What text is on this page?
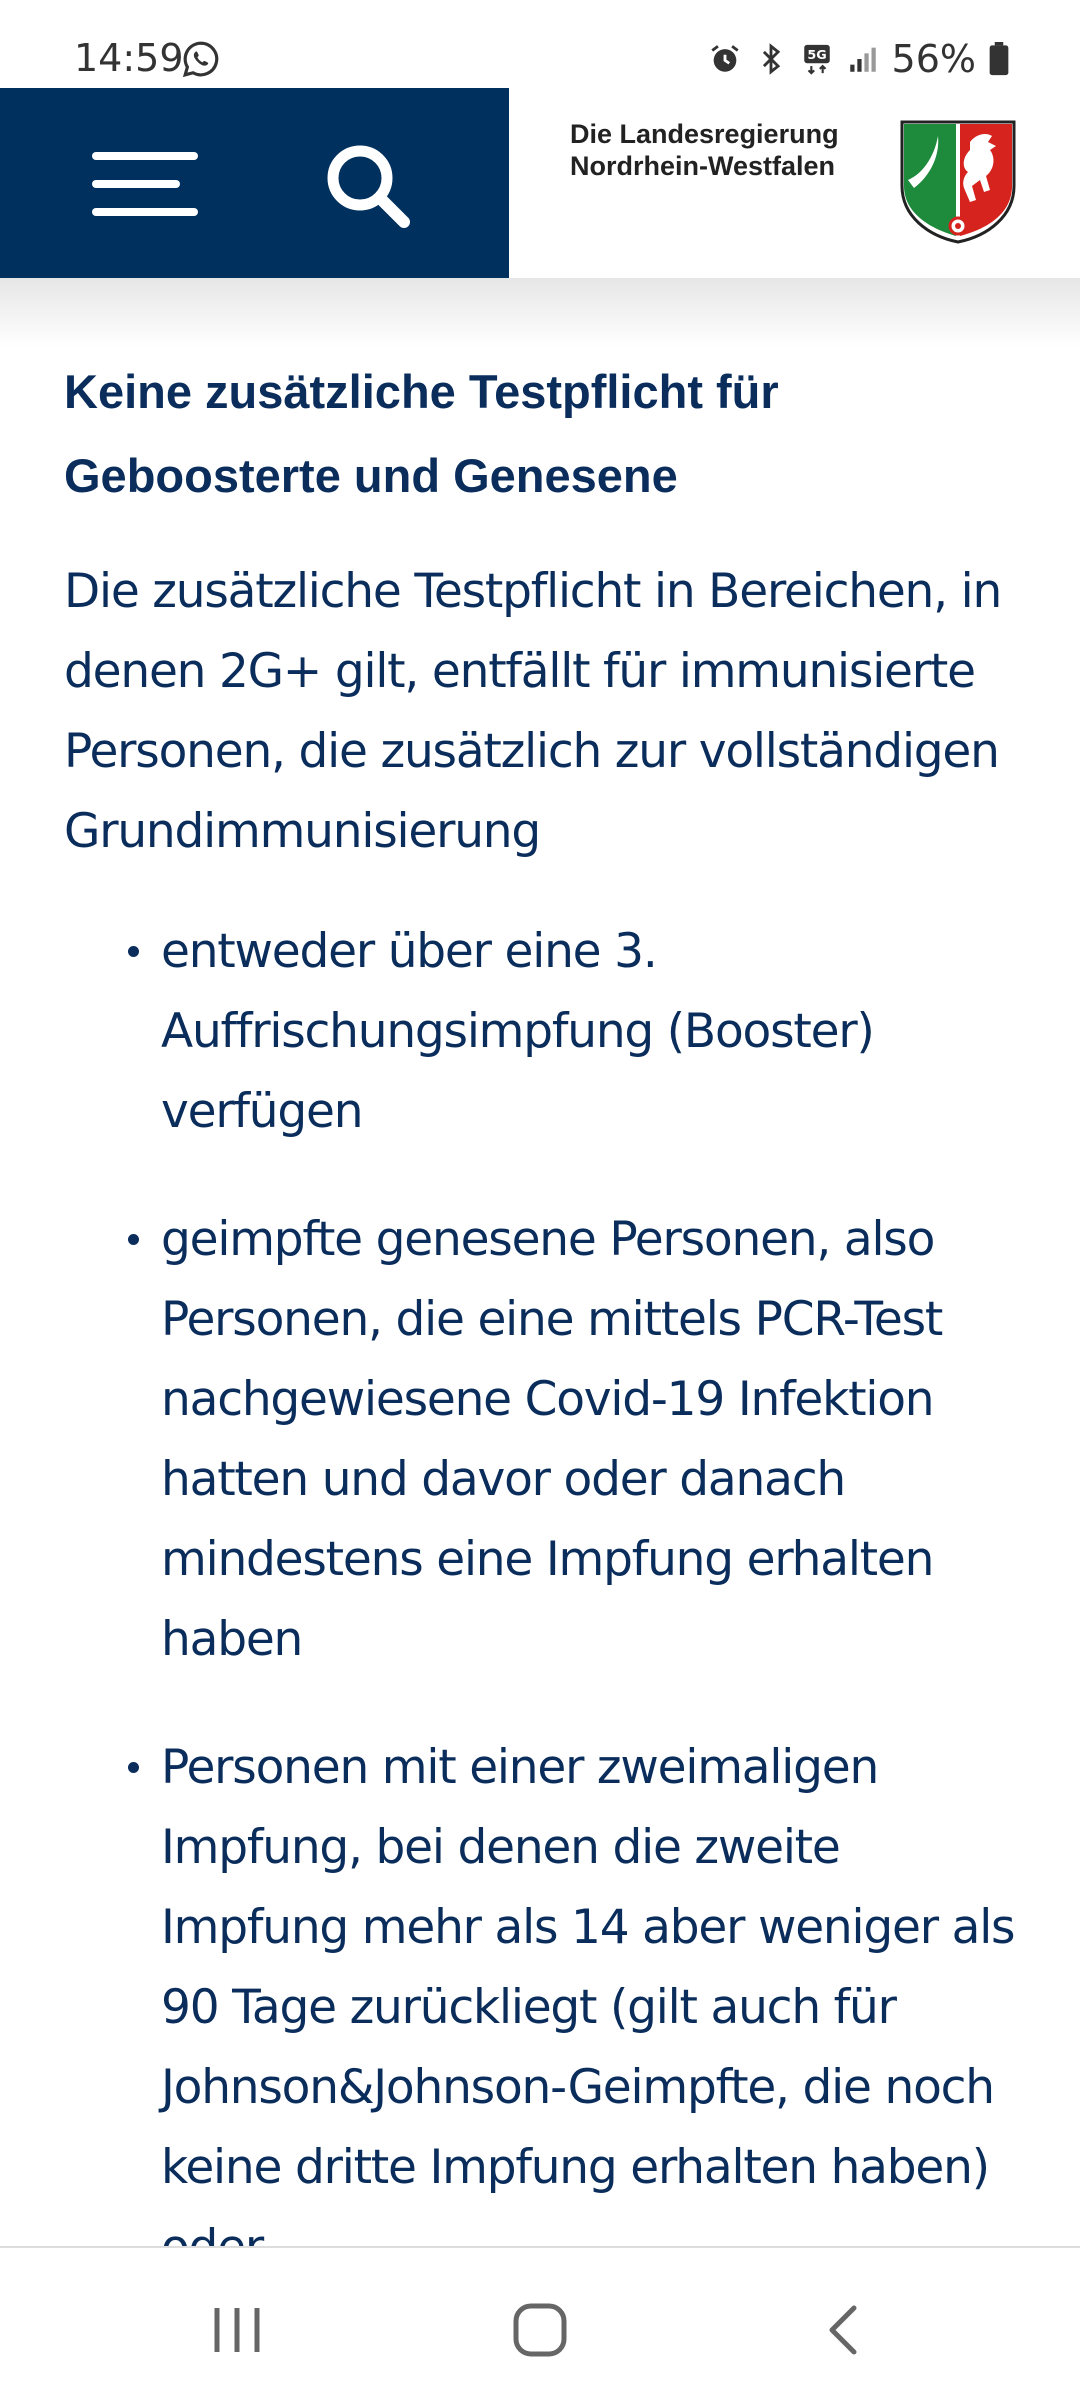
14:59	5G 56%
Die Landesregierung
Nordrhein-Westfalen
Keine zusätzliche Testpflicht für Geboosterte und Genesene

Die zusätzliche Testpflicht in Bereichen, in denen 2G+ gilt, entfällt für immunisierte Personen, die zusätzlich zur vollständigen Grundimmunisierung

entweder über eine 3. Auffrischungsimpfung (Booster) verfügen
geimpfte genesene Personen, also Personen, die eine mittels PCR-Test nachgewiesene Covid-19 Infektion hatten und davor oder danach mindestens eine Impfung erhalten haben
Personen mit einer zweimaligen Impfung, bei denen die zweite Impfung mehr als 14 aber weniger als 90 Tage zurückliegt (gilt auch für Johnson&Johnson-Geimpfte, die noch keine dritte Impfung erhalten haben)
